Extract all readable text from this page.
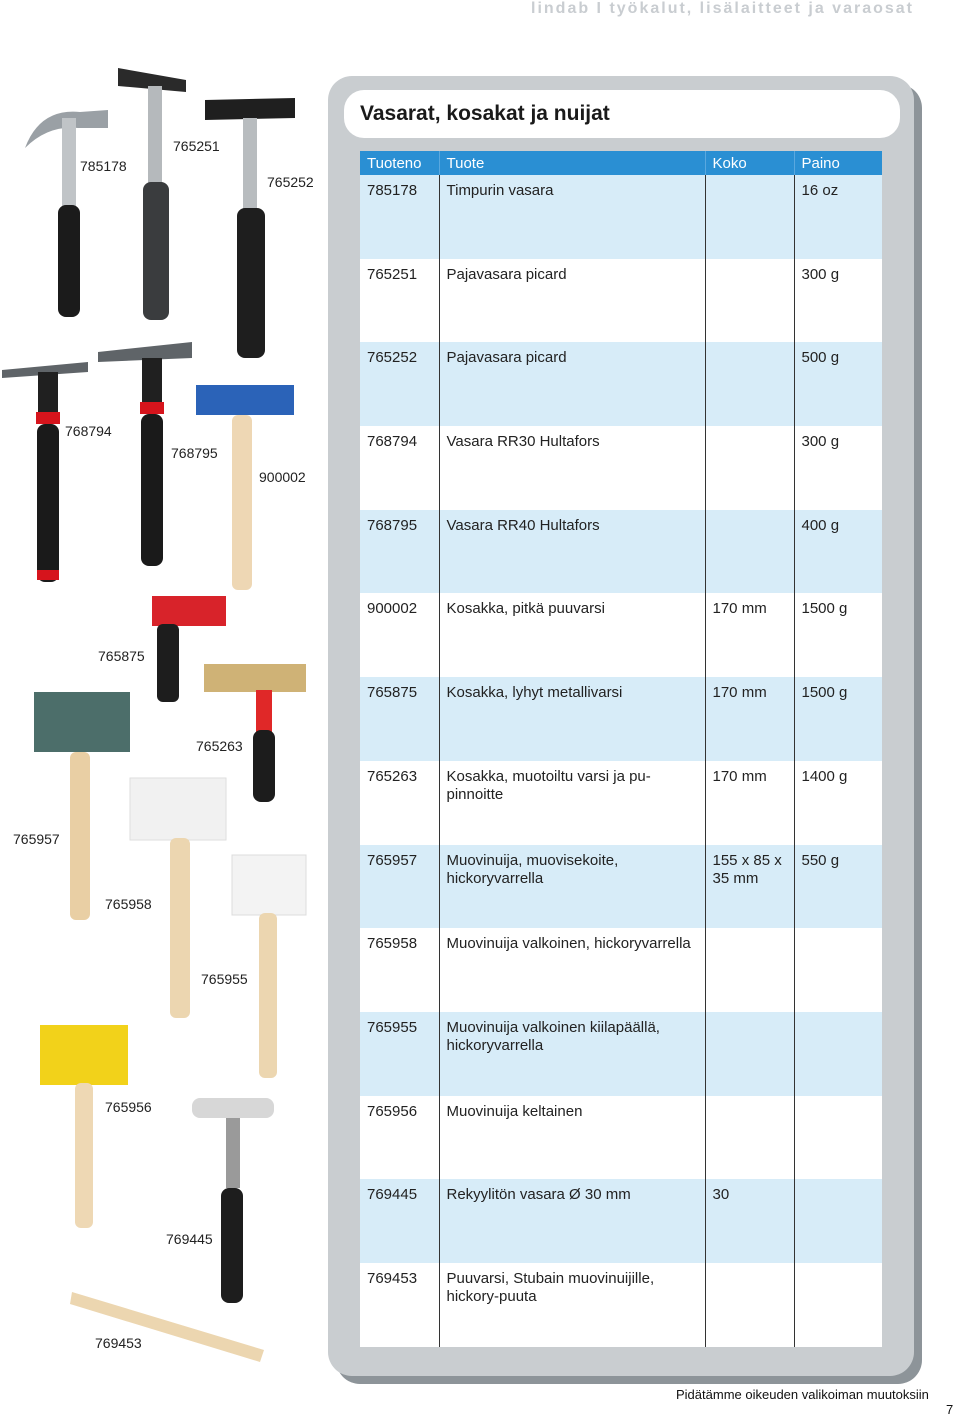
lindab I työkalut, lisälaitteet ja varaosat
785178
765251
765252
768794
768795
900002
765875
765263
765957
765958
765955
765956
769445
769453
Vasarat, kosakat ja nuijat
Tuoteno	Tuote	Koko	Paino
785178	Timpurin vasara		16 oz
765251	Pajavasara picard		300 g
765252	Pajavasara picard		500 g
768794	Vasara RR30 Hultafors		300 g
768795	Vasara RR40 Hultafors		400 g
900002	Kosakka, pitkä puuvarsi	170 mm	1500 g
765875	Kosakka, lyhyt metallivarsi	170 mm	1500 g
765263	Kosakka, muotoiltu varsi ja pu-pinnoitte	170 mm	1400 g
765957	Muovinuija, muovisekoite, hickoryvarrella	155 x 85 x 35 mm	550 g
765958	Muovinuija valkoinen, hickoryvarrella		
765955	Muovinuija valkoinen kiilapäällä, hickoryvarrella		
765956	Muovinuija keltainen		
769445	Rekyylitön vasara Ø 30 mm	30	
769453	Puuvarsi, Stubain muovinuijille, hickory-puuta		
Pidätämme oikeuden valikoiman muutoksiin
7
